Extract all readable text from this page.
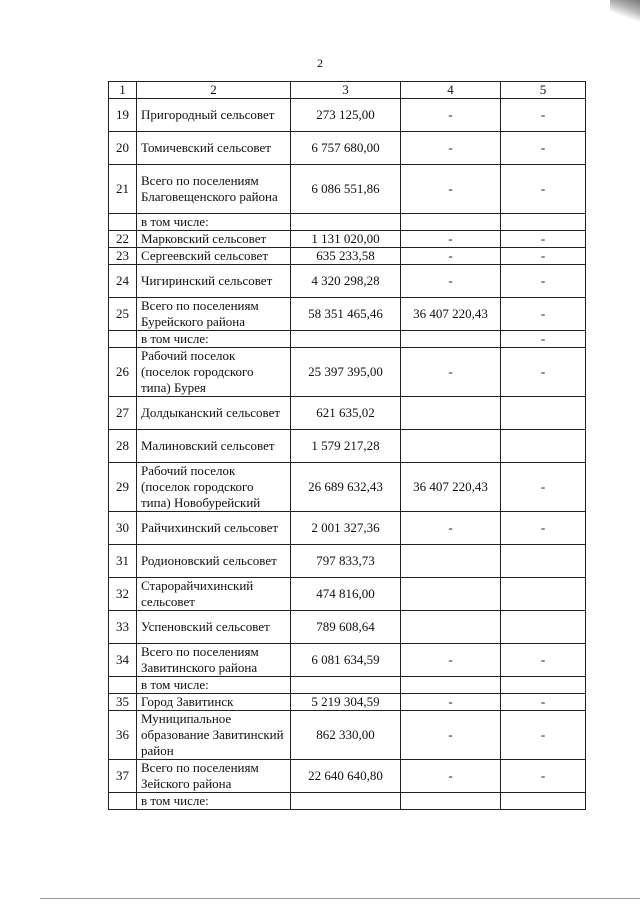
2
1	2	3	4	5
19	Пригородный сельсовет	273 125,00	-	-
20	Томичевский сельсовет	6 757 680,00	-	-
21	Всего по поселениям Благовещенского района	6 086 551,86	-	-
	в том числе:			
22	Марковский сельсовет	1 131 020,00	-	-
23	Сергеевский сельсовет	635 233,58	-	-
24	Чигиринский сельсовет	4 320 298,28	-	-
25	Всего по поселениям Бурейского района	58 351 465,46	36 407 220,43	-
	в том числе:			-
26	Рабочий поселок (поселок городского типа) Бурея	25 397 395,00	-	-
27	Долдыканский сельсовет	621 635,02		
28	Малиновский сельсовет	1 579 217,28		
29	Рабочий поселок (поселок городского типа) Новобурейский	26 689 632,43	36 407 220,43	-
30	Райчихинский сельсовет	2 001 327,36	-	-
31	Родионовский сельсовет	797 833,73		
32	Старорайчихинский сельсовет	474 816,00		
33	Успеновский сельсовет	789 608,64		
34	Всего по поселениям Завитинского района	6 081 634,59	-	-
	в том числе:			
35	Город Завитинск	5 219 304,59	-	-
36	Муниципальное образование Завитинский район	862 330,00	-	-
37	Всего по поселениям Зейского района	22 640 640,80	-	-
	в том числе:			
